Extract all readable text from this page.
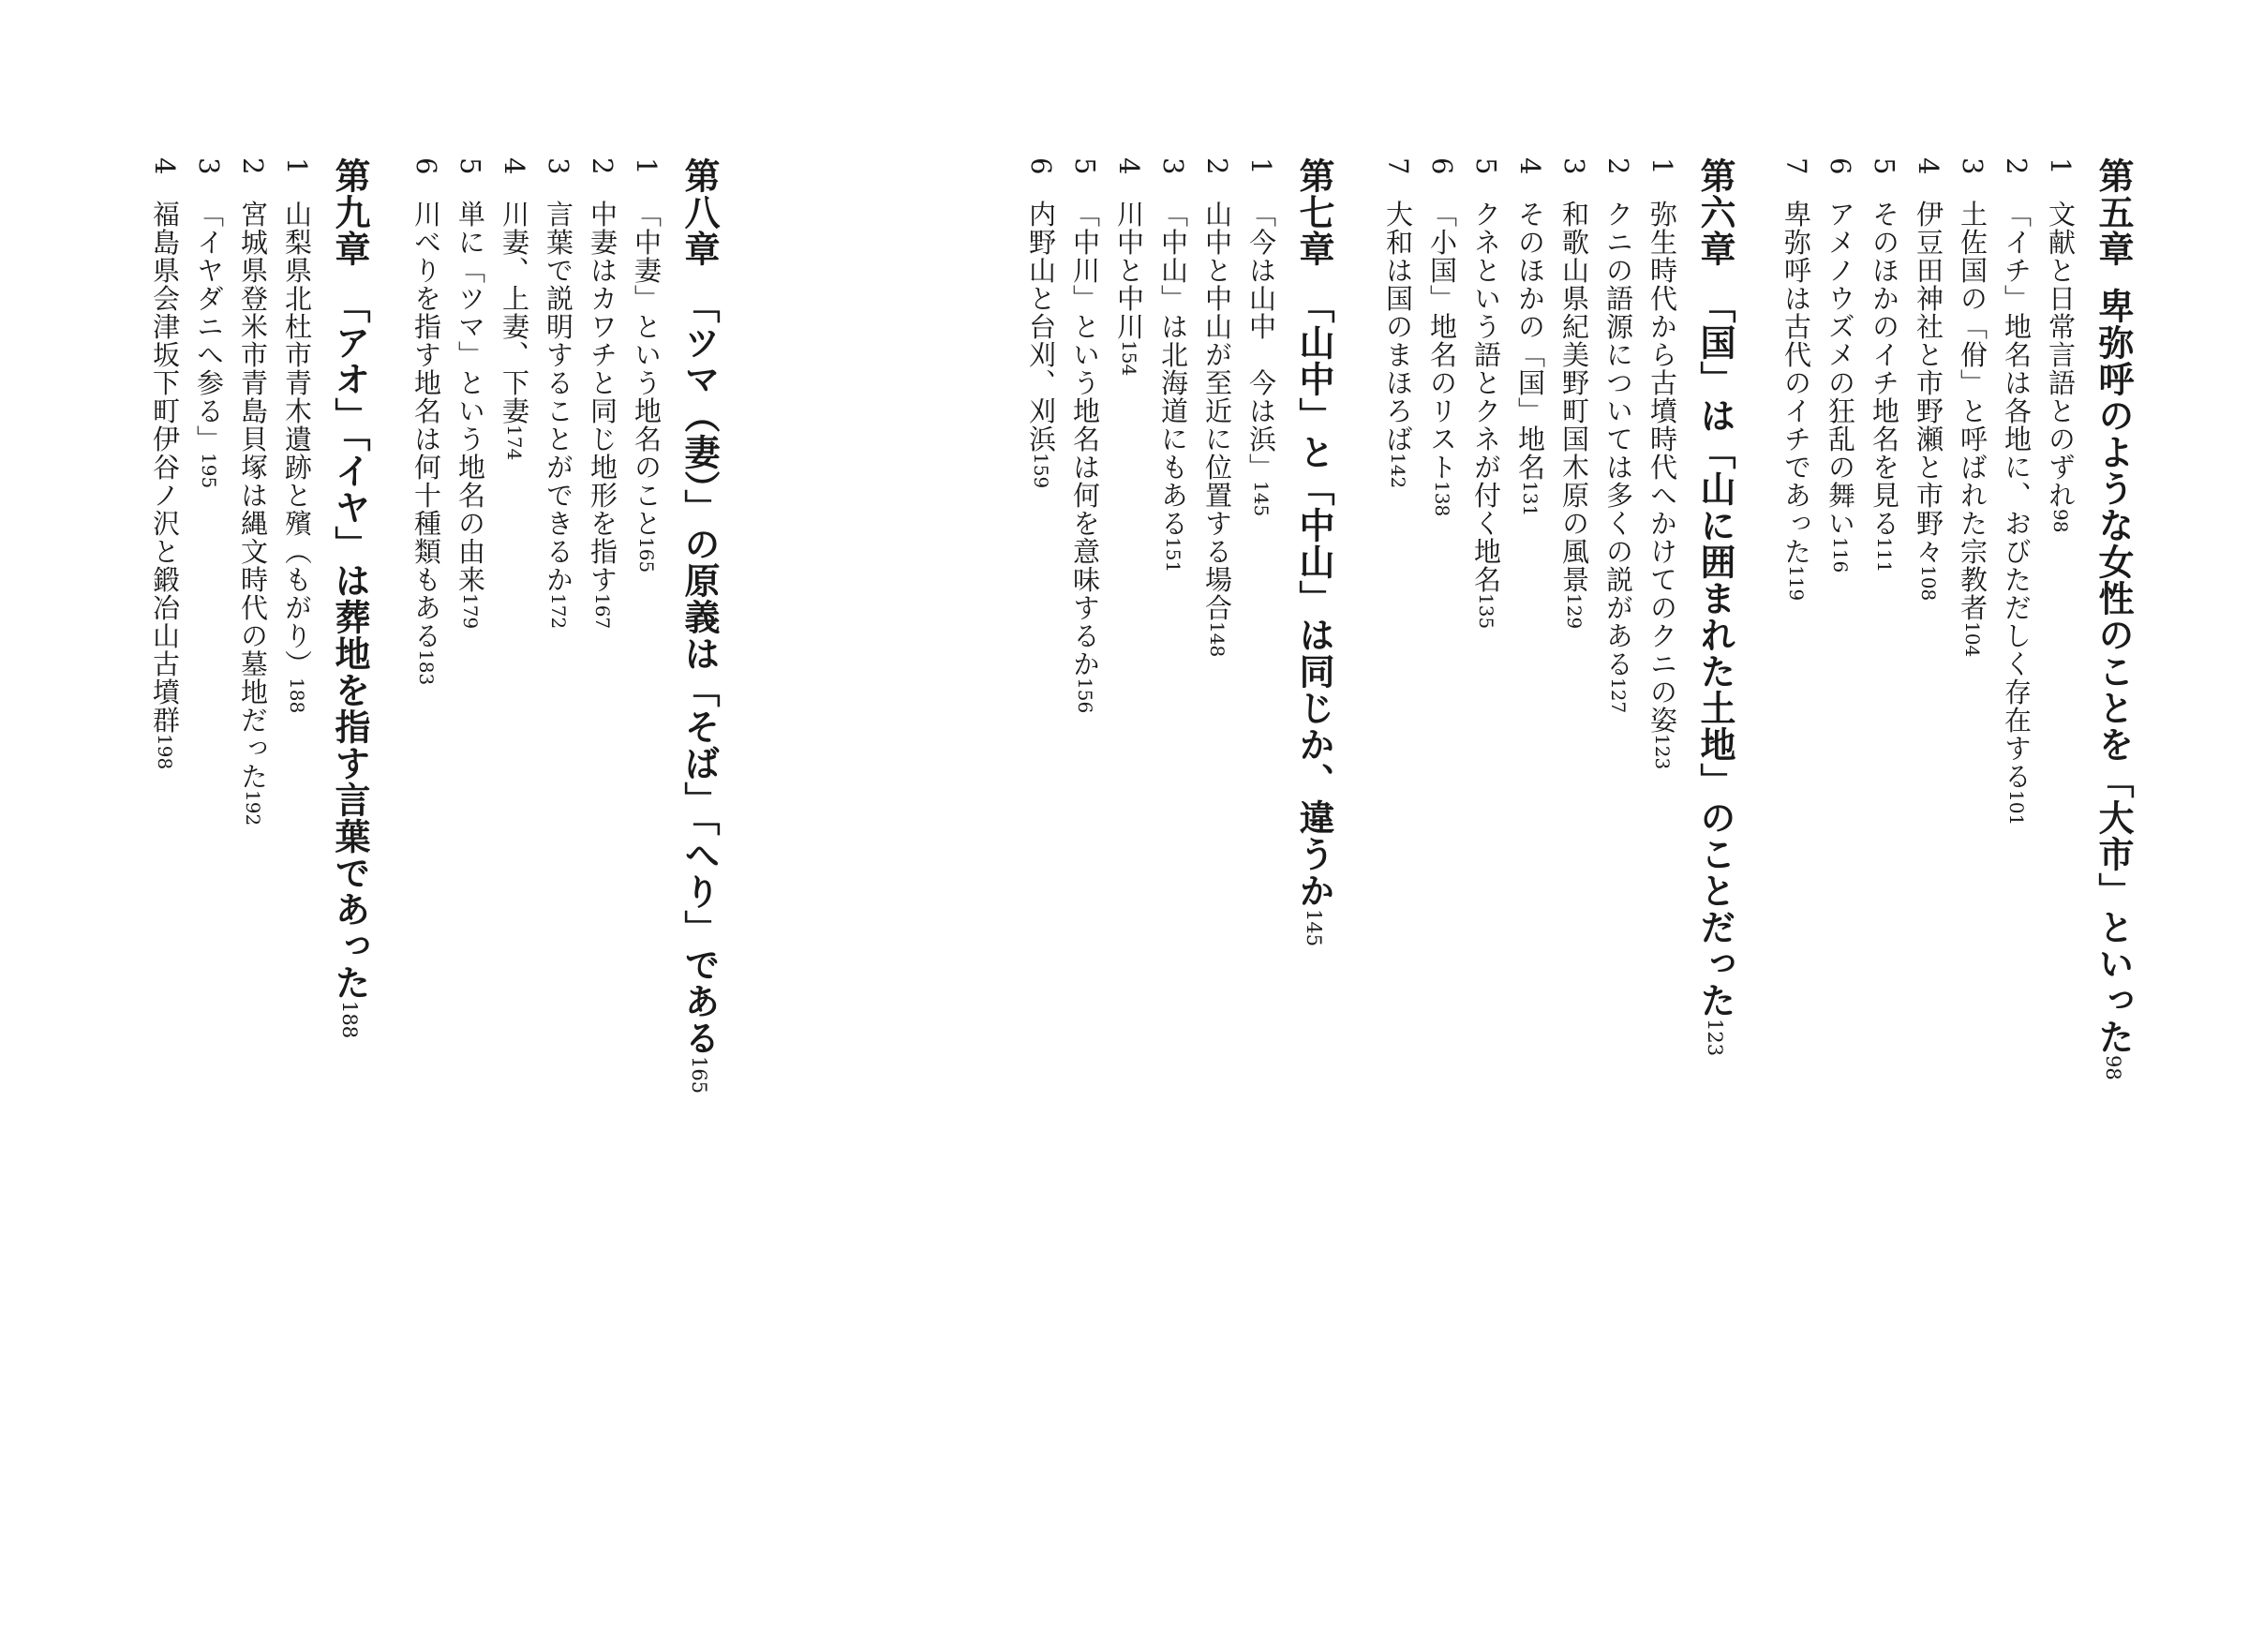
第五章卑弥呼のような女性のことを「大市」といった98
1文献と日常言語とのずれ98
2「イチ」地名は各地に、おびただしく存在する101
3土佐国の「佾」と呼ばれた宗教者104
4伊豆田神社と市野瀬と市野々108
5そのほかのイチ地名を見る111
6アメノウズメの狂乱の舞い116
7卑弥呼は古代のイチであった119
第六章「国」は「山に囲まれた土地」のことだった123
1弥生時代から古墳時代へかけてのクニの姿123
2クニの語源については多くの説がある127
3和歌山県紀美野町国木原の風景129
4そのほかの「国」地名131
5クネという語とクネが付く地名135
6「小国」地名のリスト138
7大和は国のまほろば142
第七章「山中」と「中山」は同じか、違うか145
1「今は山中　今は浜」145
2山中と中山が至近に位置する場合148
3「中山」は北海道にもある151
4川中と中川154
5「中川」という地名は何を意味するか156
6内野山と台刈、刈浜159
第八章「ツマ（妻）」の原義は「そば」「へり」である165
1「中妻」という地名のこと165
2中妻はカワチと同じ地形を指す167
3言葉で説明することができるか172
4川妻、上妻、下妻174
5単に「ツマ」という地名の由来179
6川べりを指す地名は何十種類もある183
第九章「アオ」「イヤ」は葬地を指す言葉であった188
1山梨県北杜市青木遺跡と殯（もがり）188
2宮城県登米市青島貝塚は縄文時代の墓地だった192
3「イヤダニへ参る」195
4福島県会津坂下町伊谷ノ沢と鍛冶山古墳群198
